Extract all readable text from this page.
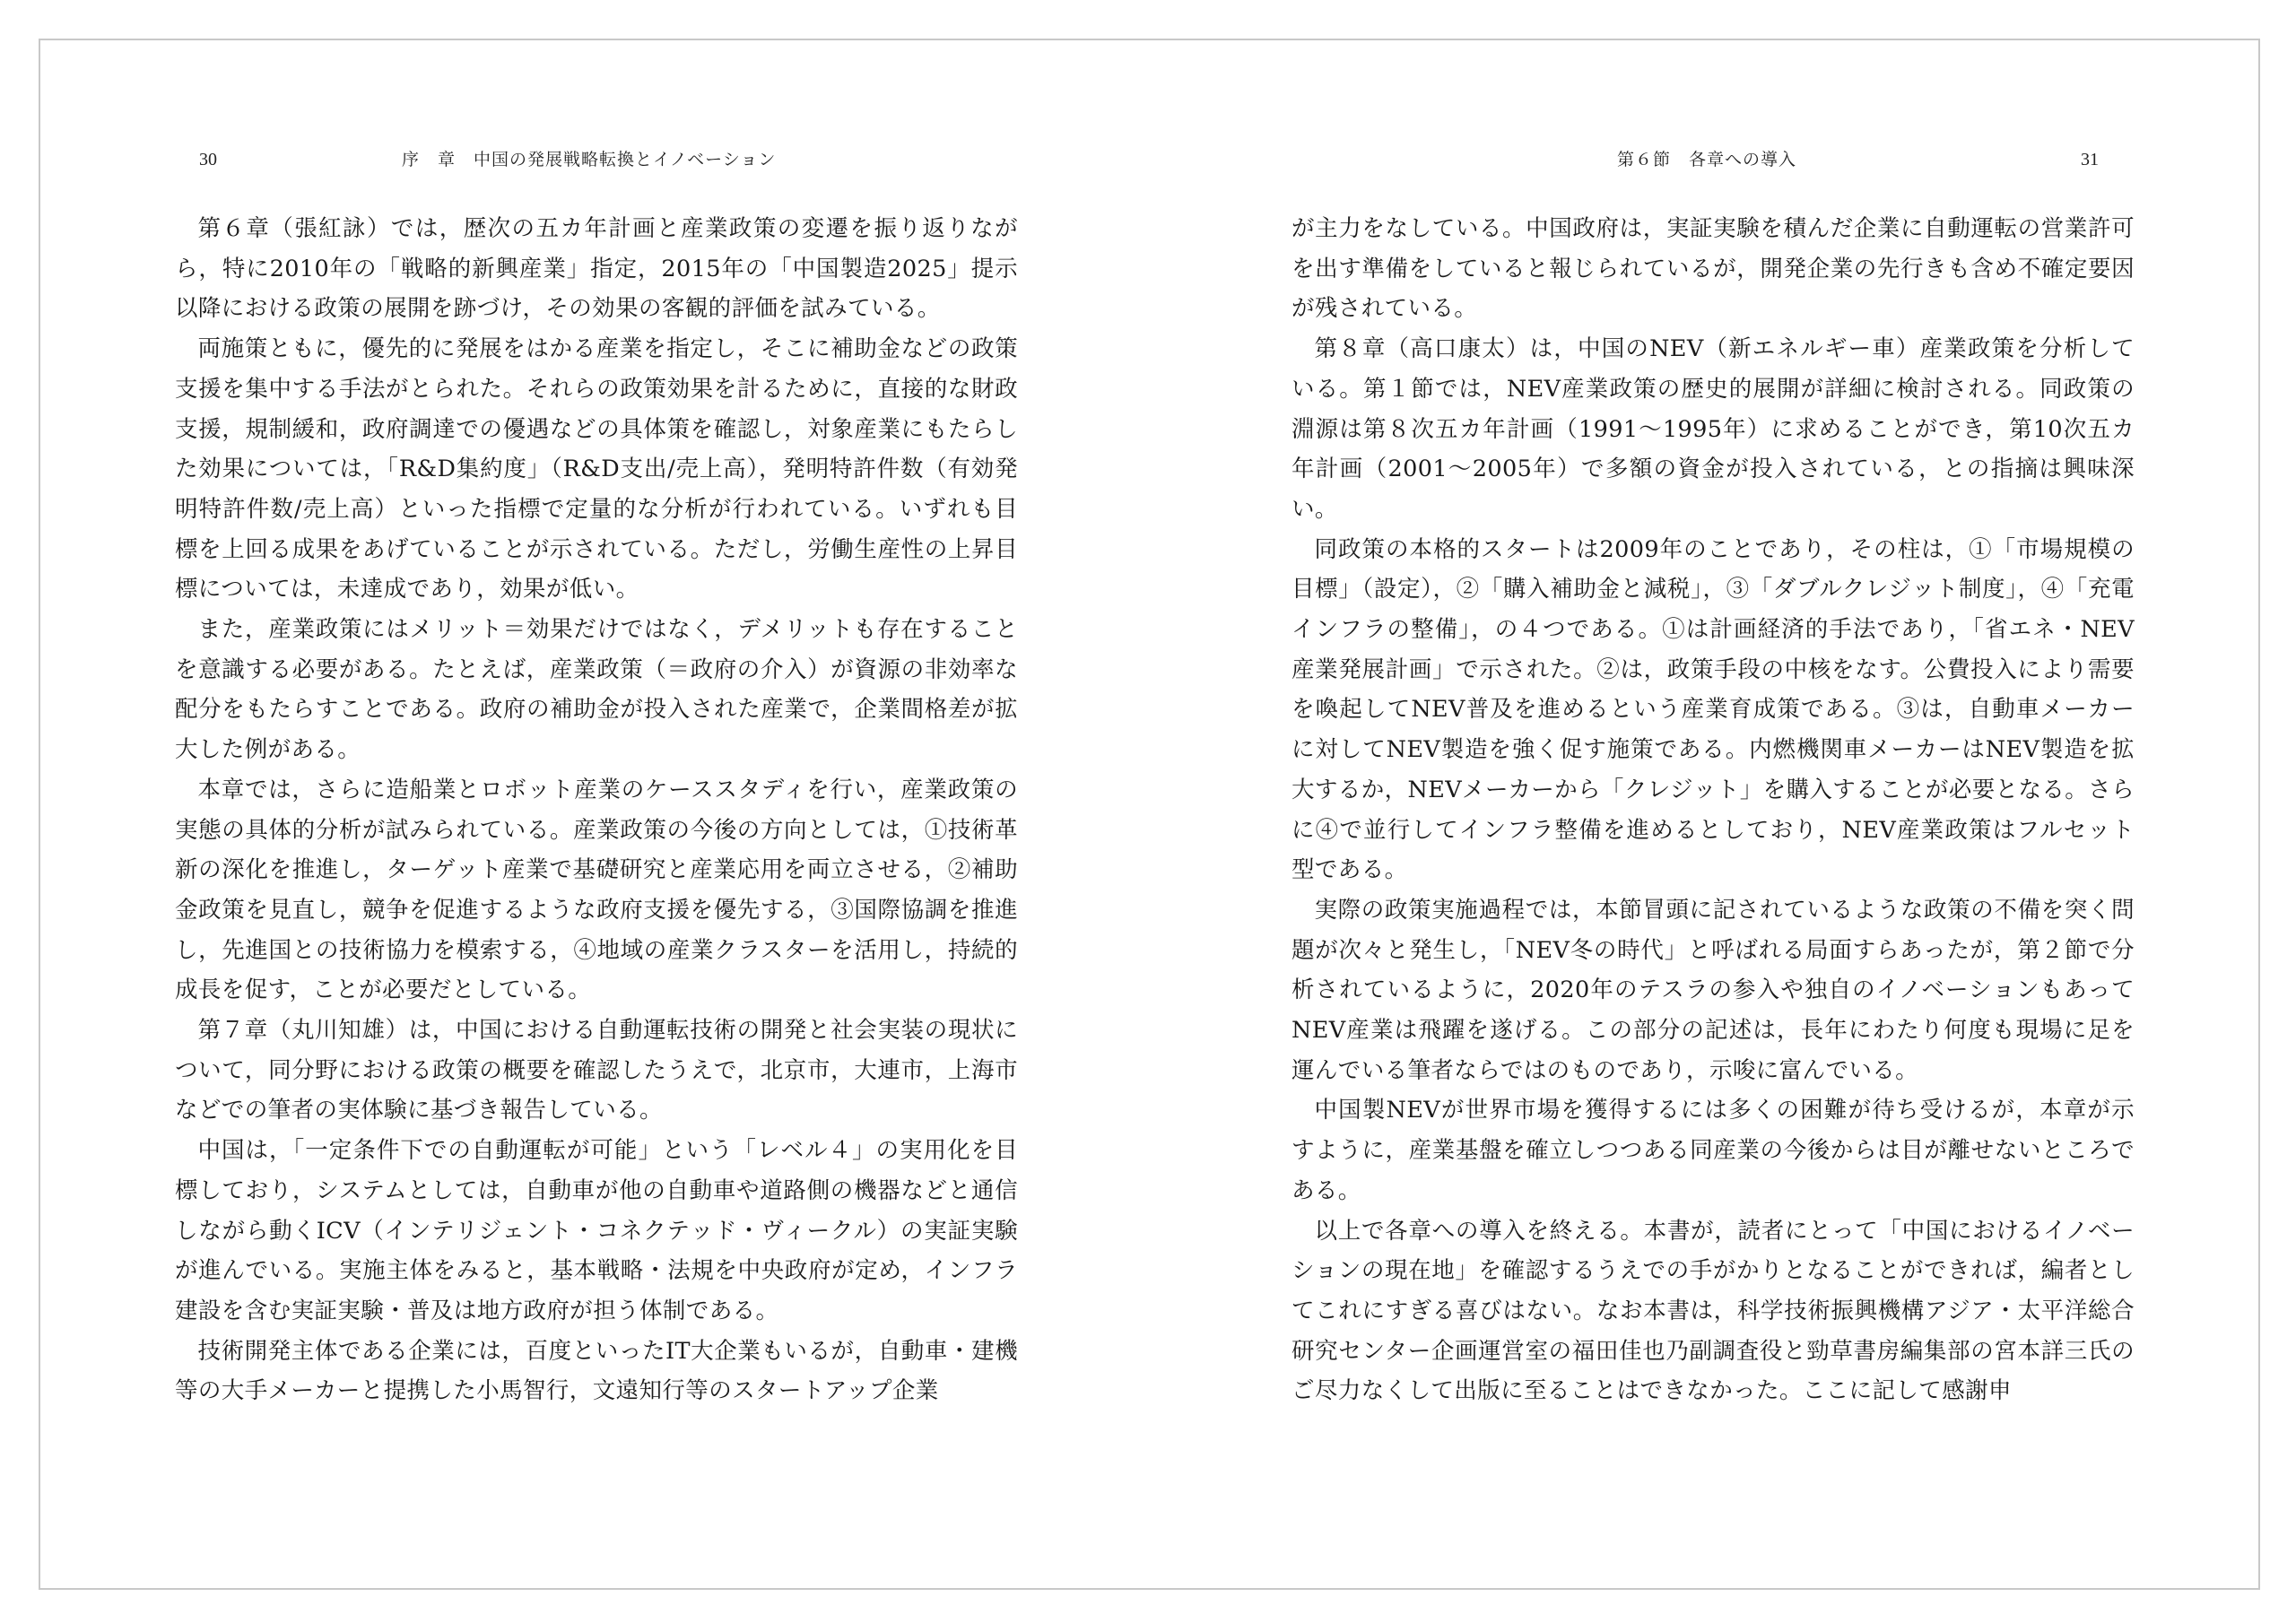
30	序　章　中国の発展戦略転換とイノベーション	第６節　各章への導入	31

第６章（張紅詠）では，歴次の五カ年計画と産業政策の変遷を振り返りながら，特に2010年の「戦略的新興産業」指定，2015年の「中国製造2025」提示以降における政策の展開を跡づけ，その効果の客観的評価を試みている。

両施策ともに，優先的に発展をはかる産業を指定し，そこに補助金などの政策支援を集中する手法がとられた。それらの政策効果を計るために，直接的な財政支援，規制緩和，政府調達での優遇などの具体策を確認し，対象産業にもたらした効果については，「R&D集約度」（R&D支出/売上高），発明特許件数（有効発明特許件数/売上高）といった指標で定量的な分析が行われている。いずれも目標を上回る成果をあげていることが示されている。ただし，労働生産性の上昇目標については，未達成であり，効果が低い。

また，産業政策にはメリット＝効果だけではなく，デメリットも存在することを意識する必要がある。たとえば，産業政策（＝政府の介入）が資源の非効率な配分をもたらすことである。政府の補助金が投入された産業で，企業間格差が拡大した例がある。

本章では，さらに造船業とロボット産業のケーススタディを行い，産業政策の実態の具体的分析が試みられている。産業政策の今後の方向としては，①技術革新の深化を推進し，ターゲット産業で基礎研究と産業応用を両立させる，②補助金政策を見直し，競争を促進するような政府支援を優先する，③国際協調を推進し，先進国との技術協力を模索する，④地域の産業クラスターを活用し，持続的成長を促す，ことが必要だとしている。

第７章（丸川知雄）は，中国における自動運転技術の開発と社会実装の現状について，同分野における政策の概要を確認したうえで，北京市，大連市，上海市などでの筆者の実体験に基づき報告している。

中国は，「一定条件下での自動運転が可能」という「レベル４」の実用化を目標しており，システムとしては，自動車が他の自動車や道路側の機器などと通信しながら動くICV（インテリジェント・コネクテッド・ヴィークル）の実証実験が進んでいる。実施主体をみると，基本戦略・法規を中央政府が定め，インフラ建設を含む実証実験・普及は地方政府が担う体制である。

技術開発主体である企業には，百度といったIT大企業もいるが，自動車・建機等の大手メーカーと提携した小馬智行，文遠知行等のスタートアップ企業

が主力をなしている。中国政府は，実証実験を積んだ企業に自動運転の営業許可を出す準備をしていると報じられているが，開発企業の先行きも含め不確定要因が残されている。

第８章（高口康太）は，中国のNEV（新エネルギー車）産業政策を分析している。第１節では，NEV産業政策の歴史的展開が詳細に検討される。同政策の淵源は第８次五カ年計画（1991〜1995年）に求めることができ，第10次五カ年計画（2001〜2005年）で多額の資金が投入されている，との指摘は興味深い。

同政策の本格的スタートは2009年のことであり，その柱は，①「市場規模の目標」（設定），②「購入補助金と減税」，③「ダブルクレジット制度」，④「充電インフラの整備」，の４つである。①は計画経済的手法であり，「省エネ・NEV産業発展計画」で示された。②は，政策手段の中核をなす。公費投入により需要を喚起してNEV普及を進めるという産業育成策である。③は，自動車メーカーに対してNEV製造を強く促す施策である。内燃機関車メーカーはNEV製造を拡大するか，NEVメーカーから「クレジット」を購入することが必要となる。さらに④で並行してインフラ整備を進めるとしており，NEV産業政策はフルセット型である。

実際の政策実施過程では，本節冒頭に記されているような政策の不備を突く問題が次々と発生し，「NEV冬の時代」と呼ばれる局面すらあったが，第２節で分析されているように，2020年のテスラの参入や独自のイノベーションもあってNEV産業は飛躍を遂げる。この部分の記述は，長年にわたり何度も現場に足を運んでいる筆者ならではのものであり，示唆に富んでいる。

中国製NEVが世界市場を獲得するには多くの困難が待ち受けるが，本章が示すように，産業基盤を確立しつつある同産業の今後からは目が離せないところである。

以上で各章への導入を終える。本書が，読者にとって「中国におけるイノベーションの現在地」を確認するうえでの手がかりとなることができれば，編者としてこれにすぎる喜びはない。なお本書は，科学技術振興機構アジア・太平洋総合研究センター企画運営室の福田佳也乃副調査役と勁草書房編集部の宮本詳三氏のご尽力なくして出版に至ることはできなかった。ここに記して感謝申
